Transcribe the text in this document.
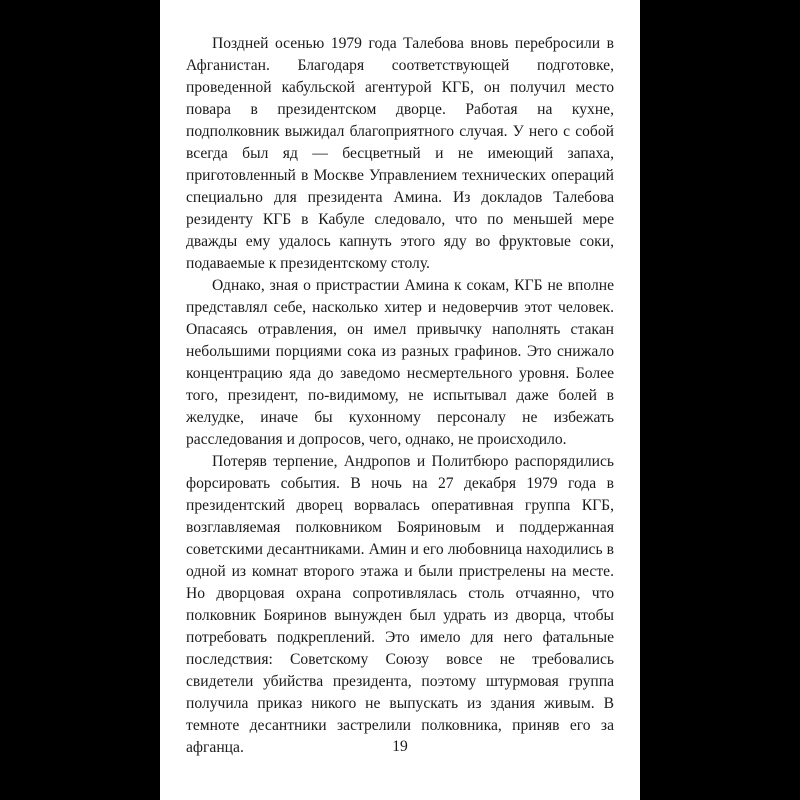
Поздней осенью 1979 года Талебова вновь перебросили в Афганистан. Благодаря соответствующей подготовке, проведенной кабульской агентурой КГБ, он получил место повара в президентском дворце. Работая на кухне, подполковник выжидал благоприятного случая. У него с собой всегда был яд — бесцветный и не имеющий запаха, приготовленный в Москве Управлением технических операций специально для президента Амина. Из докладов Талебова резиденту КГБ в Кабуле следовало, что по меньшей мере дважды ему удалось капнуть этого яду во фруктовые соки, подаваемые к президентскому столу.

Однако, зная о пристрастии Амина к сокам, КГБ не вполне представлял себе, насколько хитер и недоверчив этот человек. Опасаясь отравления, он имел привычку наполнять стакан небольшими порциями сока из разных графинов. Это снижало концентрацию яда до заведомо несмертельного уровня. Более того, президент, по-видимому, не испытывал даже болей в желудке, иначе бы кухонному персоналу не избежать расследования и допросов, чего, однако, не происходило.

Потеряв терпение, Андропов и Политбюро распорядились форсировать события. В ночь на 27 декабря 1979 года в президентский дворец ворвалась оперативная группа КГБ, возглавляемая полковником Бояриновым и поддержанная советскими десантниками. Амин и его любовница находились в одной из комнат второго этажа и были пристрелены на месте. Но дворцовая охрана сопротивлялась столь отчаянно, что полковник Бояринов вынужден был удрать из дворца, чтобы потребовать подкреплений. Это имело для него фатальные последствия: Советскому Союзу вовсе не требовались свидетели убийства президента, поэтому штурмовая группа получила приказ никого не выпускать из здания живым. В темноте десантники застрелили полковника, приняв его за афганца.	19
